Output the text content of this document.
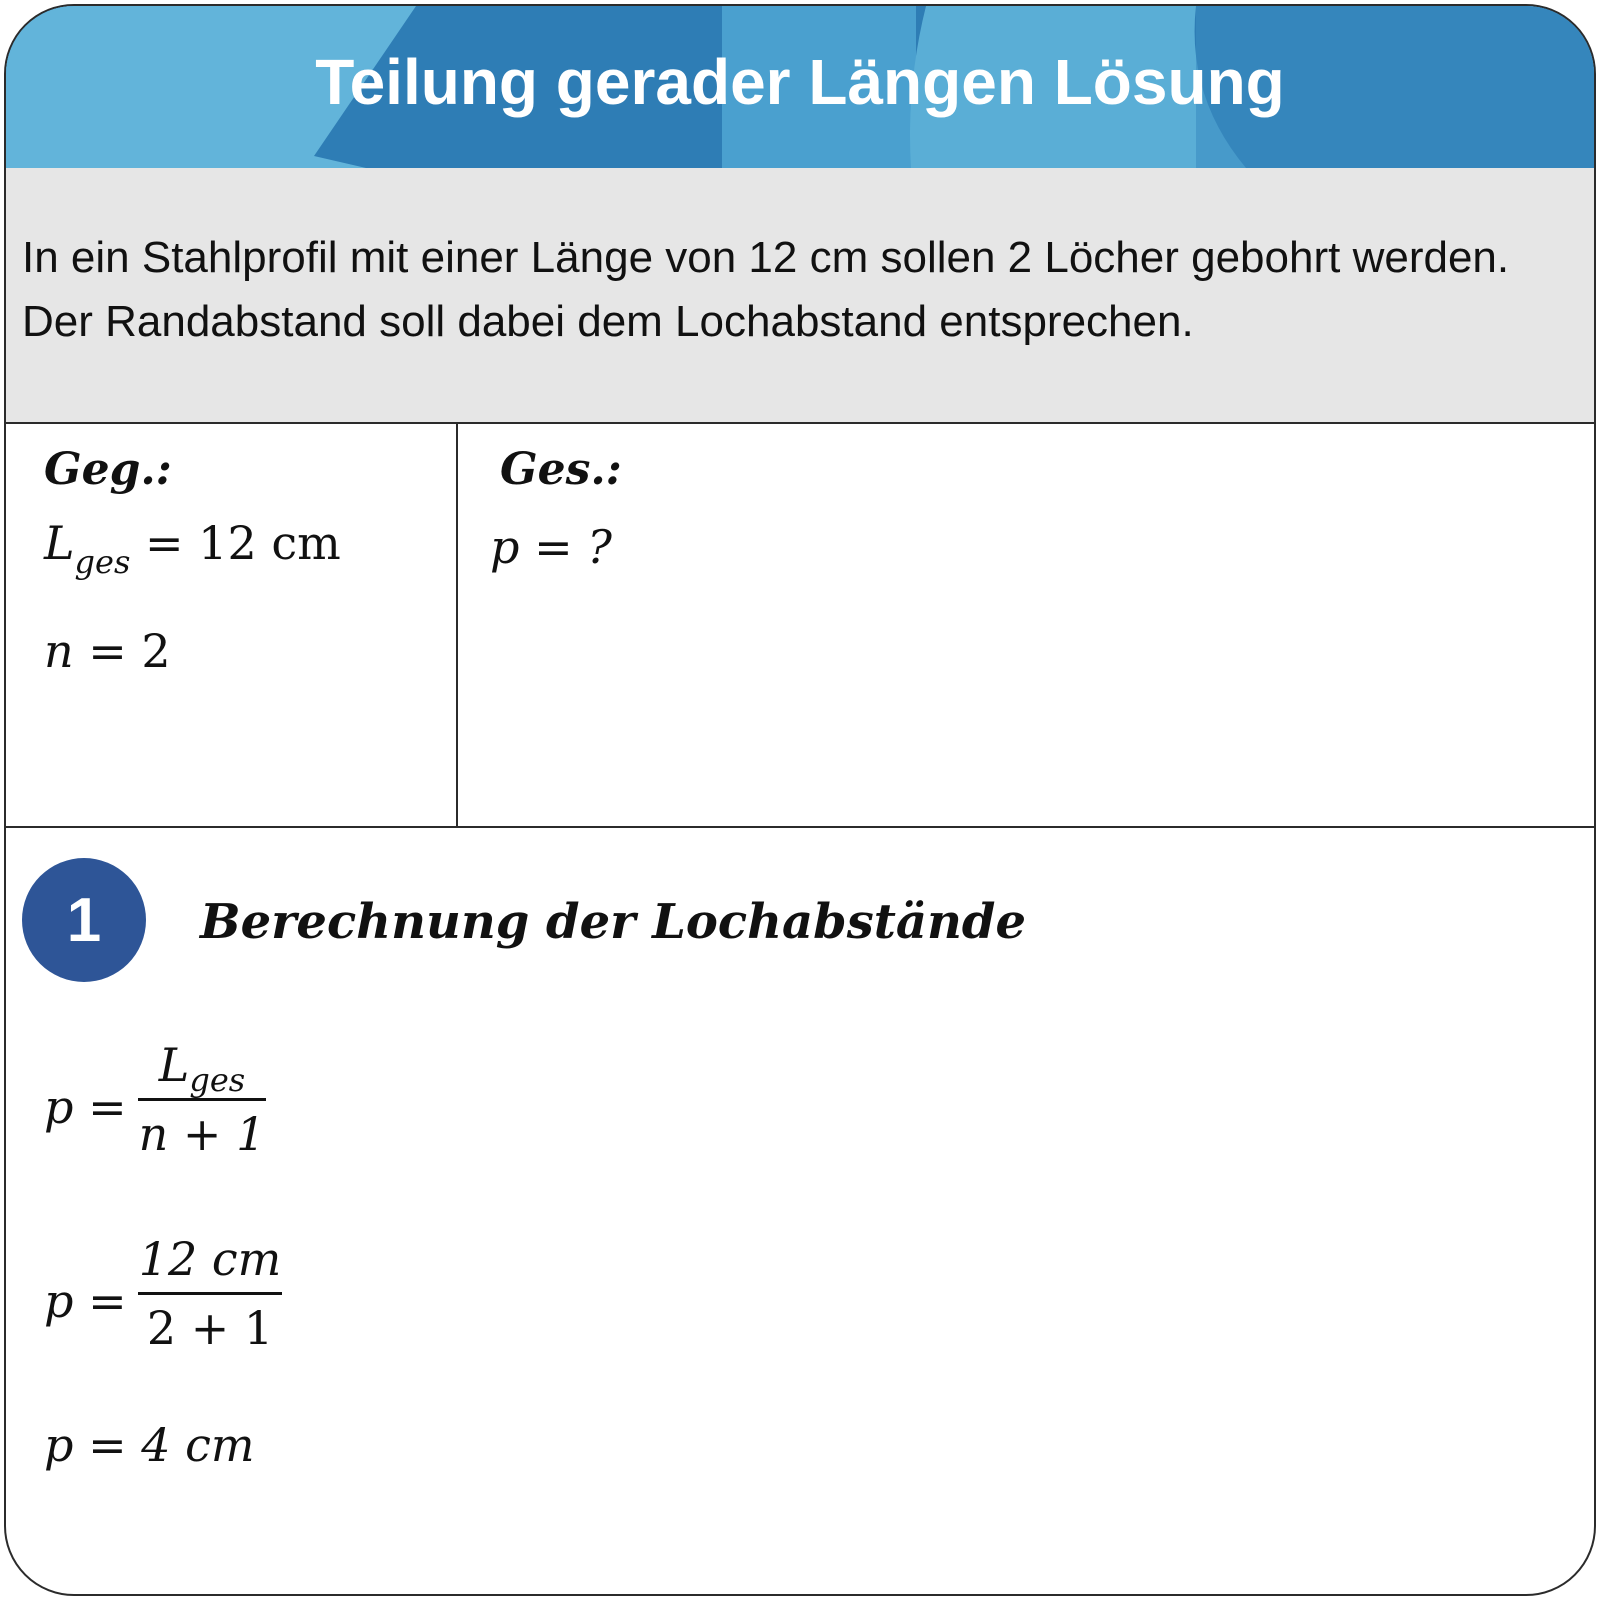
Teilung gerader Längen Lösung
In ein Stahlprofil mit einer Länge von 12 cm sollen 2 Löcher gebohrt werden. Der Randabstand soll dabei dem Lochabstand entsprechen.
Geg.:
$L_{ges} = 12$ cm
n = 2
Ges.:
p = ?
1	Berechnung der Lochabstände
p =
$L_{ges}$
n + 1
p =
12 cm
2 + 1
p = 4 cm
